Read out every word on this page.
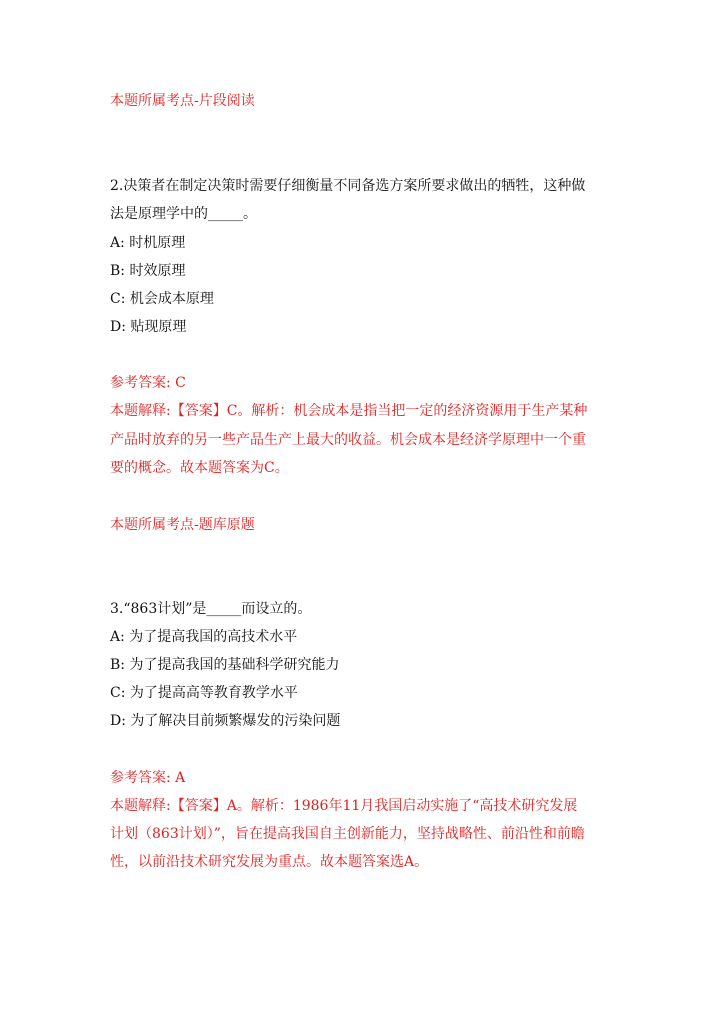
本题所属考点-片段阅读
2.决策者在制定决策时需要仔细衡量不同备选方案所要求做出的牺牲，这种做
法是原理学中的_____。
A: 时机原理
B: 时效原理
C: 机会成本原理
D: 贴现原理
参考答案: C
本题解释:【答案】C。解析：机会成本是指当把一定的经济资源用于生产某种
产品时放弃的另一些产品生产上最大的收益。机会成本是经济学原理中一个重
要的概念。故本题答案为C。
本题所属考点-题库原题
3.“863计划”是_____而设立的。
A: 为了提高我国的高技术水平
B: 为了提高我国的基础科学研究能力
C: 为了提高高等教育教学水平
D: 为了解决目前频繁爆发的污染问题
参考答案: A
本题解释:【答案】A。解析：1986年11月我国启动实施了“高技术研究发展
计划（863计划）”，旨在提高我国自主创新能力，坚持战略性、前沿性和前瞻
性，以前沿技术研究发展为重点。故本题答案选A。
